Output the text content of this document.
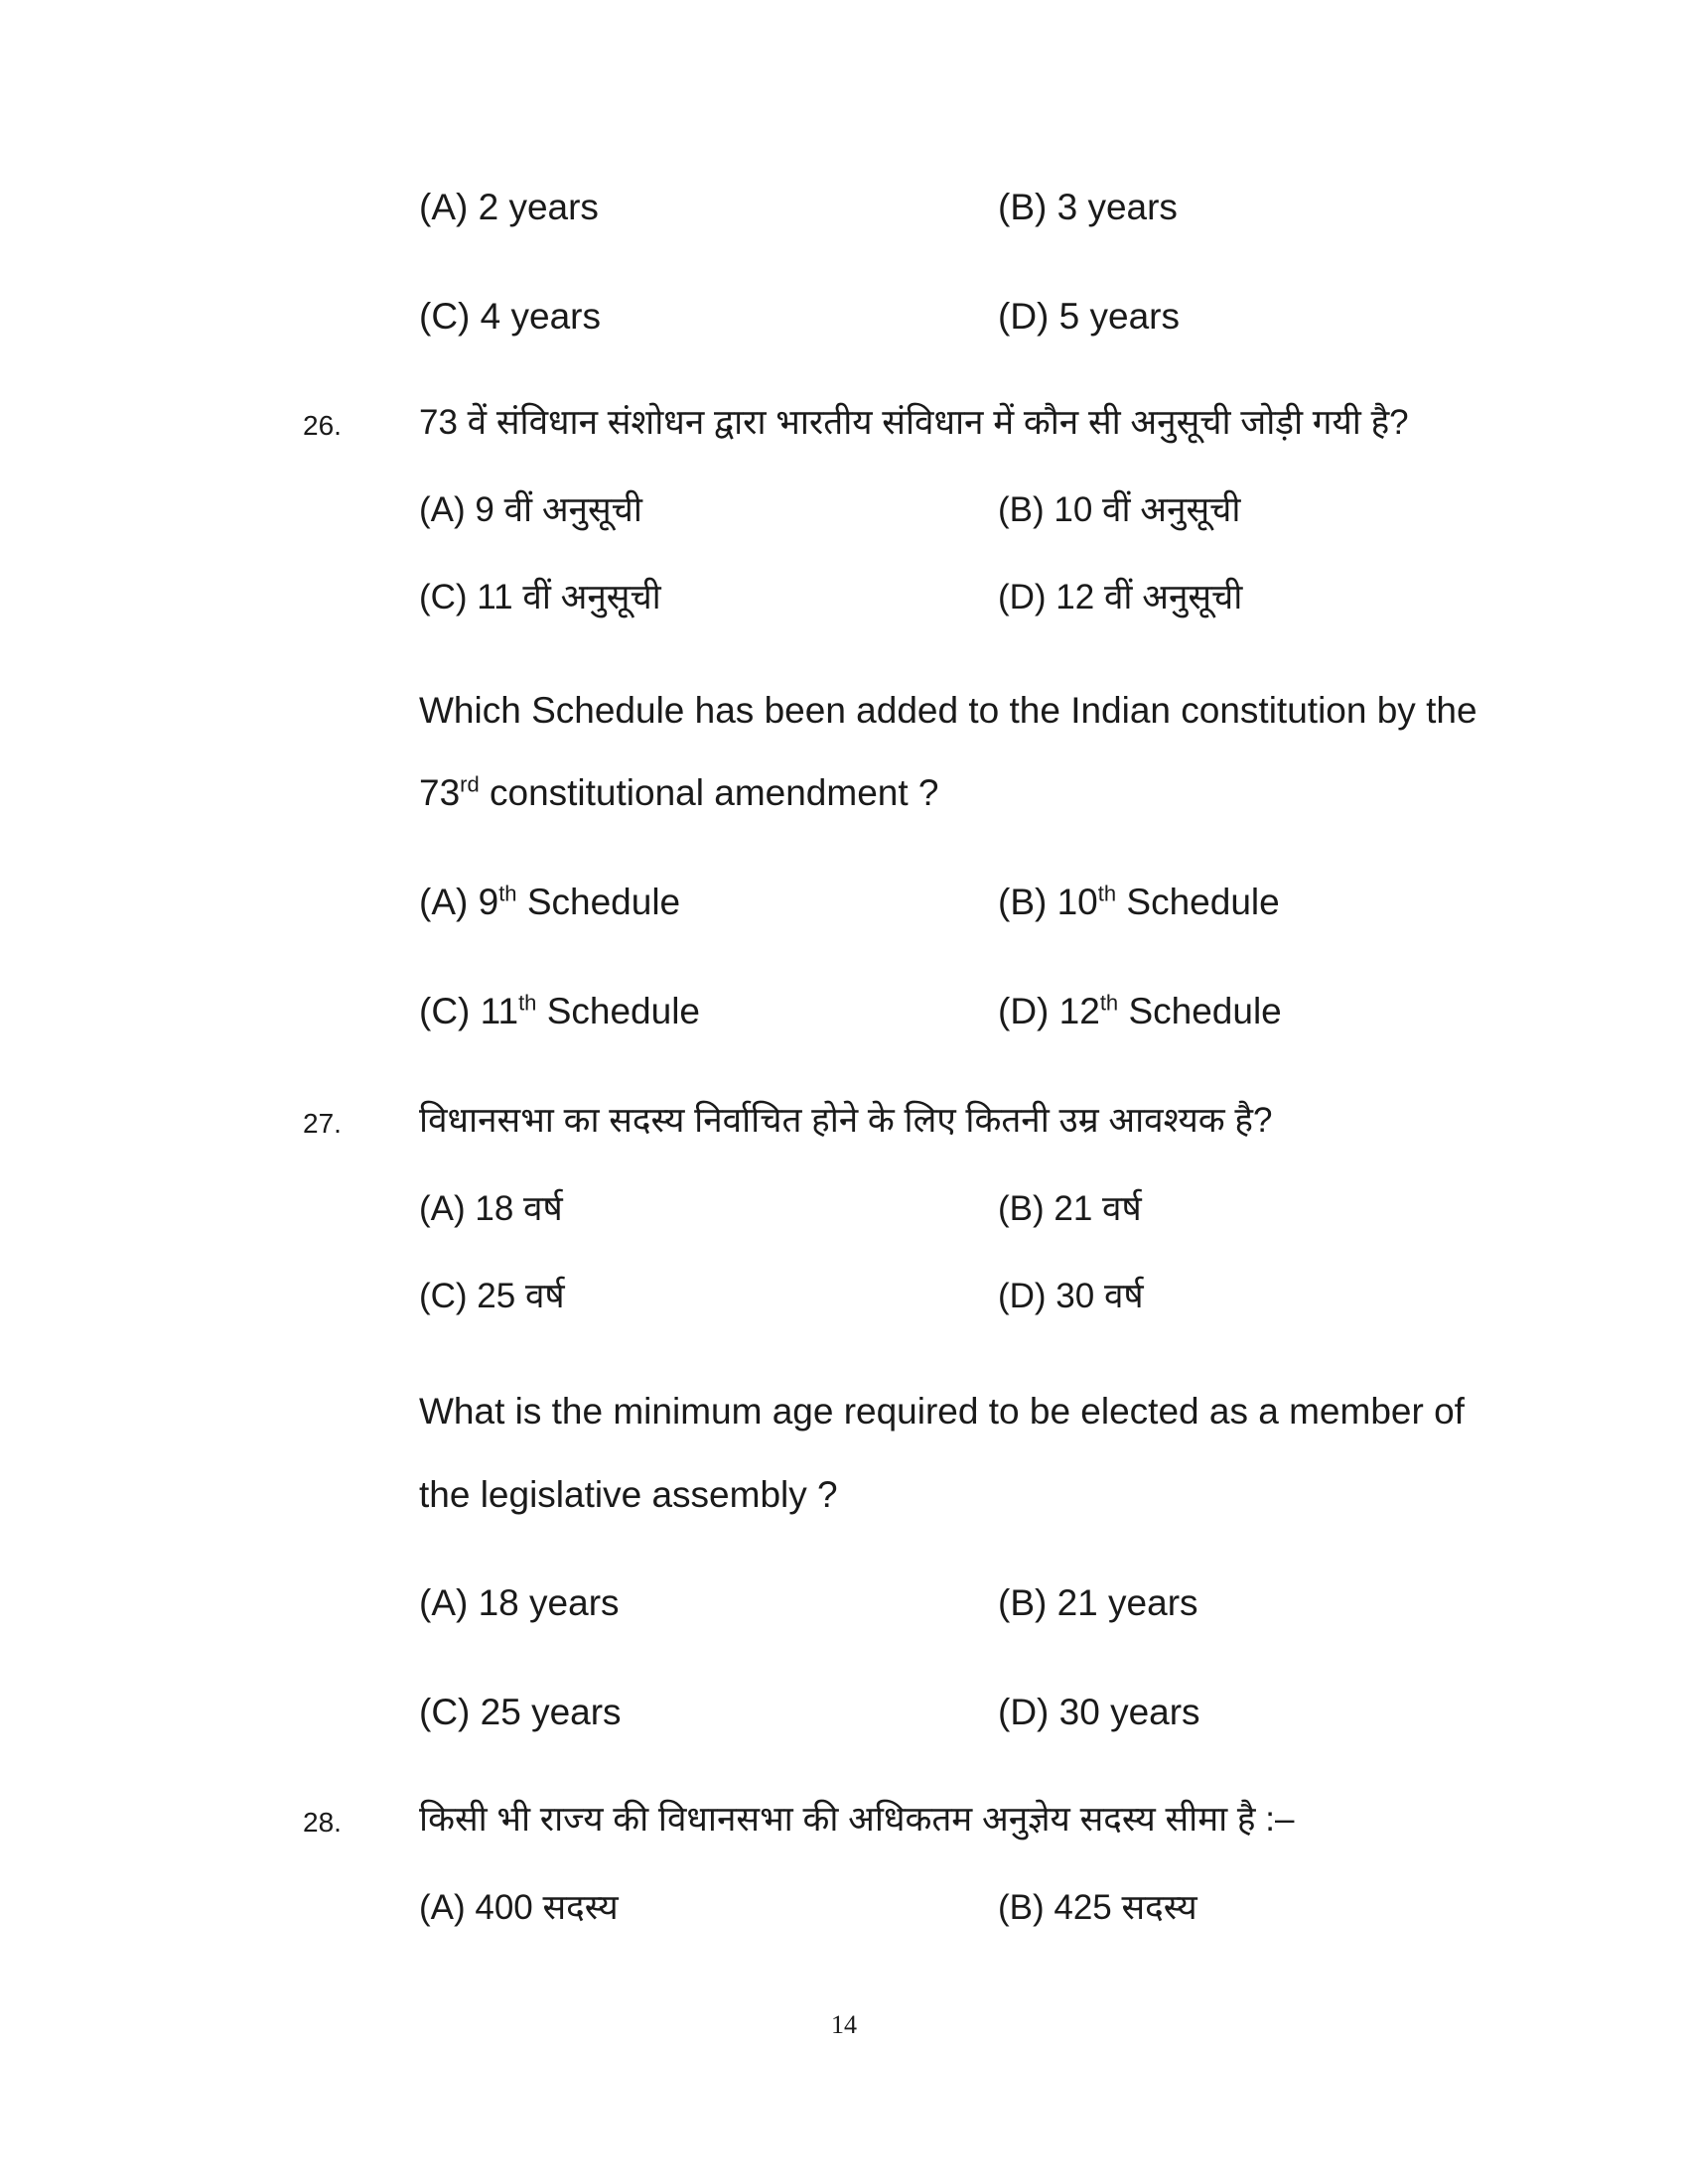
(A) 2 years	(B) 3 years
(C) 4 years	(D) 5 years
26. 73 वें संविधान संशोधन द्वारा भारतीय संविधान में कौन सी अनुसूची जोड़ी गयी है?
(A) 9 वीं अनुसूची	(B) 10 वीं अनुसूची
(C) 11 वीं अनुसूची	(D) 12 वीं अनुसूची
Which Schedule has been added to the Indian constitution by the
73rd constitutional amendment ?
(A) 9th Schedule	(B) 10th Schedule
(C) 11th Schedule	(D) 12th Schedule
27. विधानसभा का सदस्य निर्वाचित होने के लिए कितनी उम्र आवश्यक है?
(A) 18 वर्ष	(B) 21 वर्ष
(C) 25 वर्ष	(D) 30 वर्ष
What is the minimum age required to be elected as a member of
the legislative assembly ?
(A) 18 years	(B) 21 years
(C) 25 years	(D) 30 years
28. किसी भी राज्य की विधानसभा की अधिकतम अनुज्ञेय सदस्य सीमा है :–
(A) 400 सदस्य	(B) 425 सदस्य
14
